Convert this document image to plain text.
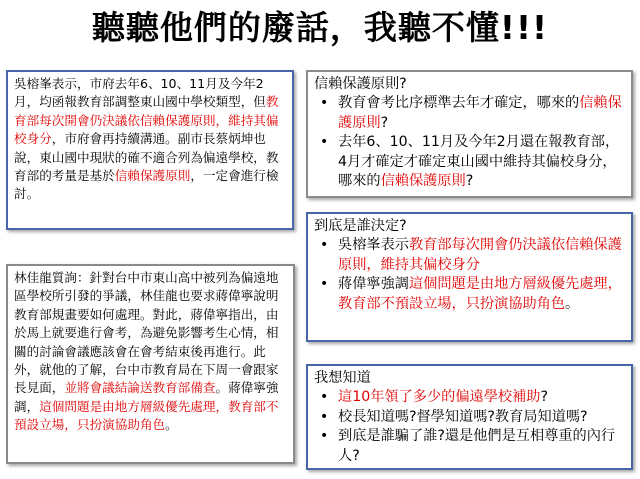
聽聽他們的廢話，我聽不懂!!!
吳榕峯表示，市府去年6、10、11月及今年2月，均函報教育部調整東山國中學校類型，但教育部每次開會仍決議依信賴保護原則，維持其偏校身分，市府會再持續溝通。副市長蔡炳坤也說，東山國中現狀的確不適合列為偏遠學校，教育部的考量是基於信賴保護原則，一定會進行檢討。
林佳龍質詢：針對台中市東山高中被列為偏遠地區學校所引發的爭議，林佳龍也要求蔣偉寧說明教育部規畫要如何處理。對此，蔣偉寧指出，由於馬上就要進行會考，為避免影響考生心情，相關的討論會議應該會在會考結束後再進行。此外，就他的了解，台中市教育局在下周一會跟家長見面，並將會議結論送教育部備查。蔣偉寧強調，這個問題是由地方層級優先處理，教育部不預設立場，只扮演協助角色。
信賴保護原則?
• 教育會考比序標準去年才確定，哪來的信賴保護原則?
• 去年6、10、11月及今年2月還在報教育部，4月才確定才確定東山國中維持其偏校身分，哪來的信賴保護原則?
到底是誰決定?
• 吳榕峯表示教育部每次開會仍決議依信賴保護原則，維持其偏校身分
• 蔣偉寧強調這個問題是由地方層級優先處理，教育部不預設立場，只扮演協助角色。
我想知道
• 這10年領了多少的偏遠學校補助?
• 校長知道嗎?督學知道嗎?教育局知道嗎?
• 到底是誰騙了誰?還是他們是互相尊重的內行人?
